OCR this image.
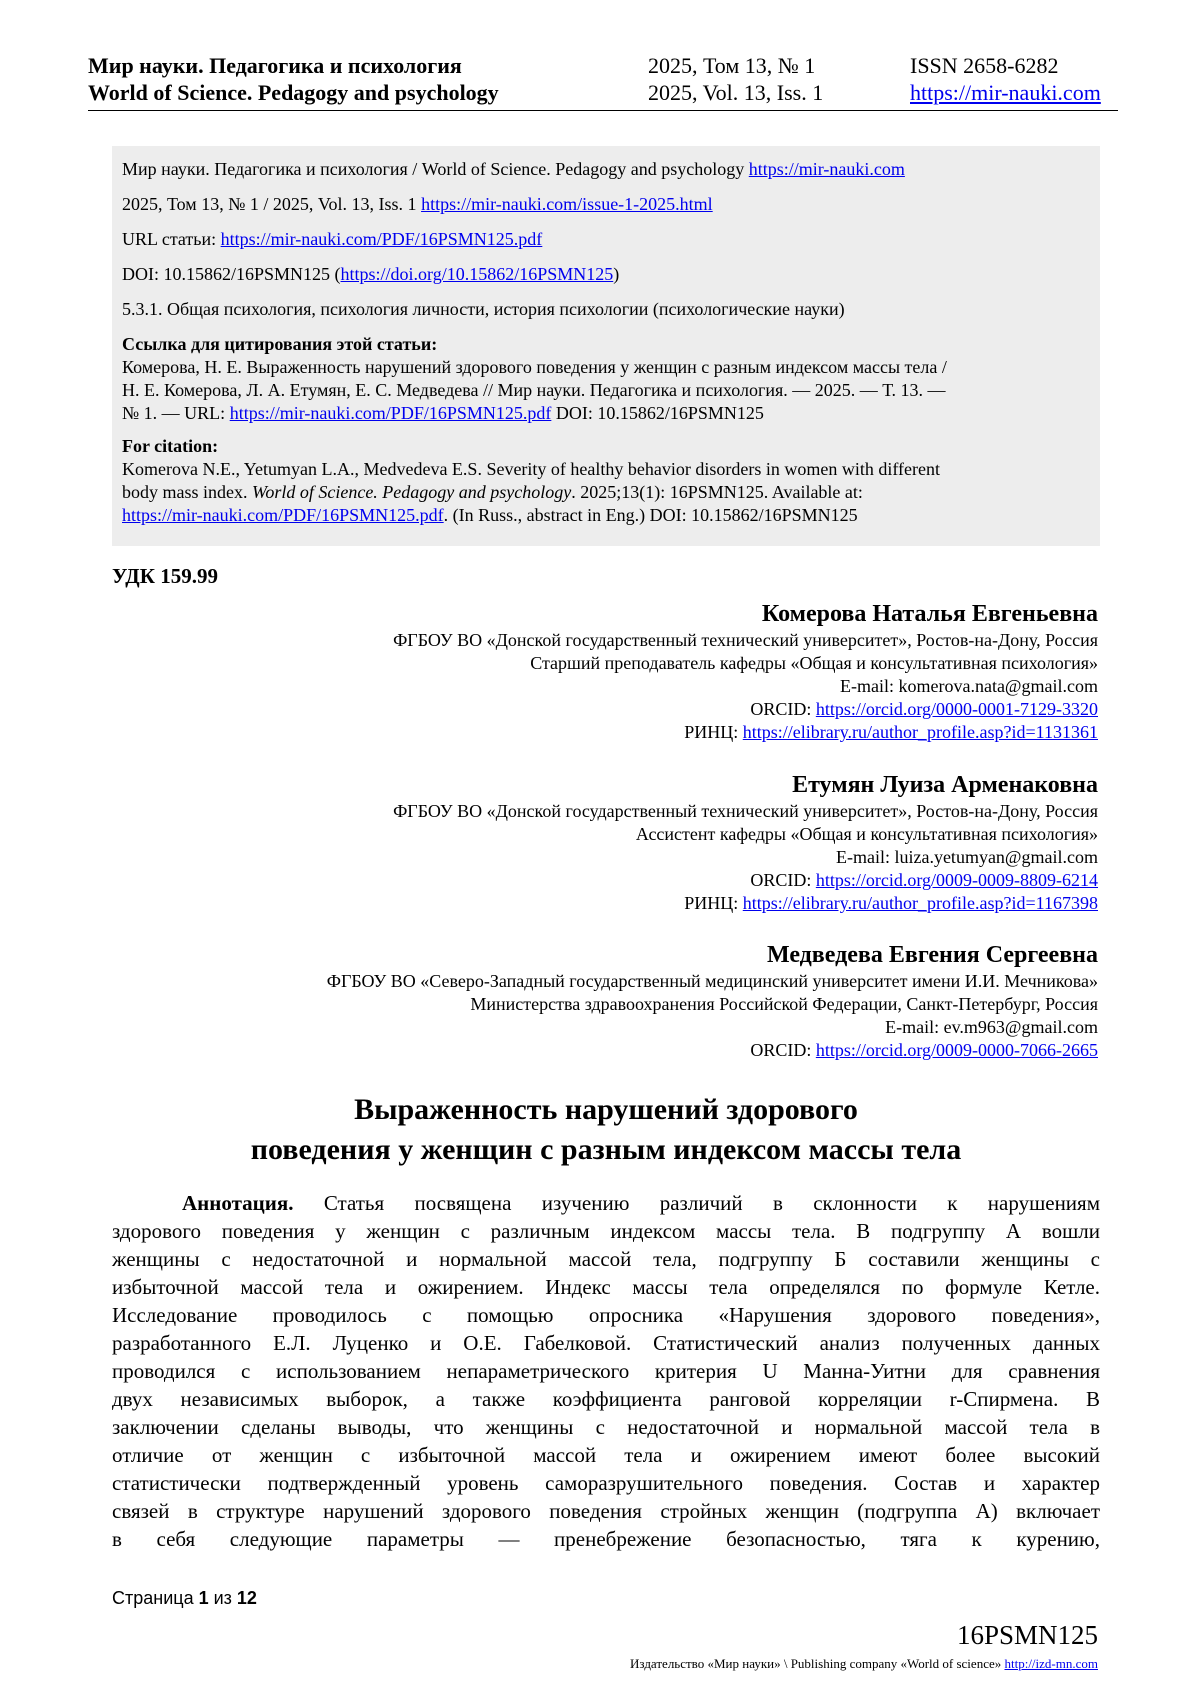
Мир науки. Педагогика и психология
World of Science. Pedagogy and psychology
2025, Том 13, № 1
2025, Vol. 13, Iss. 1
ISSN 2658-6282
https://mir-nauki.com

Мир науки. Педагогика и психология / World of Science. Pedagogy and psychology https://mir-nauki.com

2025, Том 13, № 1 / 2025, Vol. 13, Iss. 1 https://mir-nauki.com/issue-1-2025.html

URL статьи: https://mir-nauki.com/PDF/16PSMN125.pdf

DOI: 10.15862/16PSMN125 (https://doi.org/10.15862/16PSMN125)

5.3.1. Общая психология, психология личности, история психологии (психологические науки)

Ссылка для цитирования этой статьи:
Комерова, Н. Е. Выраженность нарушений здорового поведения у женщин с разным индексом массы тела /
Н. Е. Комерова, Л. А. Етумян, Е. С. Медведева // Мир науки. Педагогика и психология. — 2025. — Т. 13. —
№ 1. — URL: https://mir-nauki.com/PDF/16PSMN125.pdf DOI: 10.15862/16PSMN125
For citation:
Komerova N.E., Yetumyan L.A., Medvedeva E.S. Severity of healthy behavior disorders in women with different
body mass index. World of Science. Pedagogy and psychology. 2025;13(1): 16PSMN125. Available at:
https://mir-nauki.com/PDF/16PSMN125.pdf. (In Russ., abstract in Eng.) DOI: 10.15862/16PSMN125
УДК 159.99
Комерова Наталья Евгеньевна
ФГБОУ ВО «Донской государственный технический университет», Ростов-на-Дону, Россия
Старший преподаватель кафедры «Общая и консультативная психология»
E-mail: komerova.nata@gmail.com
ORCID: https://orcid.org/0000-0001-7129-3320
РИНЦ: https://elibrary.ru/author_profile.asp?id=1131361
Етумян Луиза Арменаковна
ФГБОУ ВО «Донской государственный технический университет», Ростов-на-Дону, Россия
Ассистент кафедры «Общая и консультативная психология»
E-mail: luiza.yetumyan@gmail.com
ORCID: https://orcid.org/0009-0009-8809-6214
РИНЦ: https://elibrary.ru/author_profile.asp?id=1167398
Медведева Евгения Сергеевна
ФГБОУ ВО «Северо-Западный государственный медицинский университет имени И.И. Мечникова»
Министерства здравоохранения Российской Федерации, Санкт-Петербург, Россия
E-mail: ev.m963@gmail.com
ORCID: https://orcid.org/0009-0000-7066-2665
Выраженность нарушений здорового
поведения у женщин с разным индексом массы тела
Аннотация. Статья посвящена изучению различий в склонности к нарушениям
здорового поведения у женщин с различным индексом массы тела. В подгруппу А вошли
женщины с недостаточной и нормальной массой тела, подгруппу Б составили женщины с
избыточной массой тела и ожирением. Индекс массы тела определялся по формуле Кетле.
Исследование проводилось с помощью опросника «Нарушения здорового поведения»,
разработанного Е.Л. Луценко и О.Е. Габелковой. Статистический анализ полученных данных
проводился с использованием непараметрического критерия U Манна-Уитни для сравнения
двух независимых выборок, а также коэффициента ранговой корреляции r-Спирмена. В
заключении сделаны выводы, что женщины с недостаточной и нормальной массой тела в
отличие от женщин с избыточной массой тела и ожирением имеют более высокий
статистически подтвержденный уровень саморазрушительного поведения. Состав и характер
связей в структуре нарушений здорового поведения стройных женщин (подгруппа А) включает
в себя следующие параметры — пренебрежение безопасностью, тяга к курению,
Страница 1 из 12
16PSMN125
Издательство «Мир науки» \ Publishing company «World of science» http://izd-mn.com
